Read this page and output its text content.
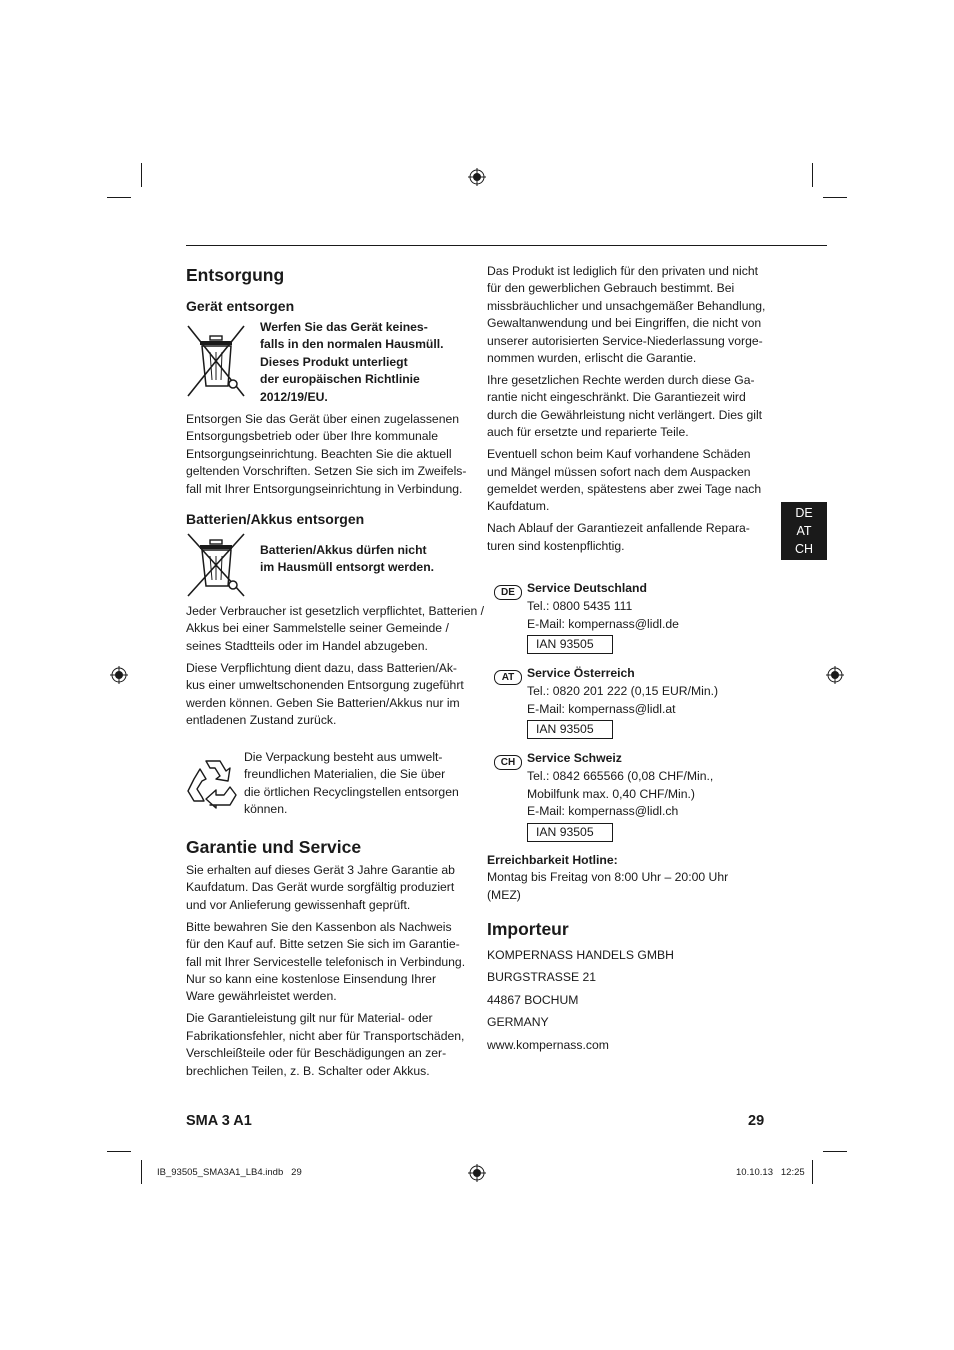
Entsorgung
Gerät entsorgen
Werfen Sie das Gerät keines-
falls in den normalen Hausmüll.
Dieses Produkt unterliegt
der europäischen Richtlinie
2012/19/EU.
Entsorgen Sie das Gerät über einen zugelassenen
Entsorgungsbetrieb oder über Ihre kommunale
Entsorgungseinrichtung. Beachten Sie die aktuell
geltenden Vorschriften. Setzen Sie sich im Zweifels-
fall mit Ihrer Entsorgungseinrichtung in Verbindung.
Batterien/Akkus entsorgen
Batterien/Akkus dürfen nicht
im Hausmüll entsorgt werden.

Jeder Verbraucher ist gesetzlich verpflichtet, Batterien /
Akkus bei einer Sammelstelle seiner Gemeinde /
seines Stadtteils oder im Handel abzugeben.

Diese Verpflichtung dient dazu, dass Batterien/Ak-
kus einer umweltschonenden Entsorgung zugeführt
werden können. Geben Sie Batterien/Akkus nur im
entladenen Zustand zurück.

Die Verpackung besteht aus umwelt-
freundlichen Materialien, die Sie über
die örtlichen Recyclingstellen entsorgen
können.
Garantie und Service

Sie erhalten auf dieses Gerät 3 Jahre Garantie ab
Kaufdatum. Das Gerät wurde sorgfältig produziert
und vor Anlieferung gewissenhaft geprüft.

Bitte bewahren Sie den Kassenbon als Nachweis
für den Kauf auf. Bitte setzen Sie sich im Garantie-
fall mit Ihrer Servicestelle telefonisch in Verbindung.
Nur so kann eine kostenlose Einsendung Ihrer
Ware gewährleistet werden.

Die Garantieleistung gilt nur für Material- oder
Fabrikationsfehler, nicht aber für Transportschäden,
Verschleißteile oder für Beschädigungen an zer-
brechlichen Teilen, z. B. Schalter oder Akkus.

Das Produkt ist lediglich für den privaten und nicht
für den gewerblichen Gebrauch bestimmt. Bei
missbräuchlicher und unsachgemäßer Behandlung,
Gewaltanwendung und bei Eingriffen, die nicht von
unserer autorisierten Service-Niederlassung vorge-
nommen wurden, erlischt die Garantie.

Ihre gesetzlichen Rechte werden durch diese Ga-
rantie nicht eingeschränkt. Die Garantiezeit wird
durch die Gewährleistung nicht verlängert. Dies gilt
auch für ersetzte und reparierte Teile.

Eventuell schon beim Kauf vorhandene Schäden
und Mängel müssen sofort nach dem Auspacken
gemeldet werden, spätestens aber zwei Tage nach
Kaufdatum.

Nach Ablauf der Garantiezeit anfallende Repara-
turen sind kostenpflichtig.

DE Service Deutschland
Tel.: 0800 5435 111
E-Mail: kompernass@lidl.de
IAN 93505
AT	Service Österreich
Tel.: 0820 201 222 (0,15 EUR/Min.)
E-Mail: kompernass@lidl.at
IAN 93505
CH Service Schweiz
Tel.: 0842 665566 (0,08 CHF/Min.,
Mobilfunk max. 0,40 CHF/Min.)
E-Mail: kompernass@lidl.ch
IAN 93505
Erreichbarkeit Hotline:
Montag bis Freitag von 8:00 Uhr – 20:00 Uhr
(MEZ)
Importeur
KOMPERNASS HANDELS GMBH
BURGSTRASSE 21
44867 BOCHUM
GERMANY
www.kompernass.com
DE
AT
CH
SMA 3 A1	29
IB_93505_SMA3A1_LB4.indb   29	10.10.13   12:25
